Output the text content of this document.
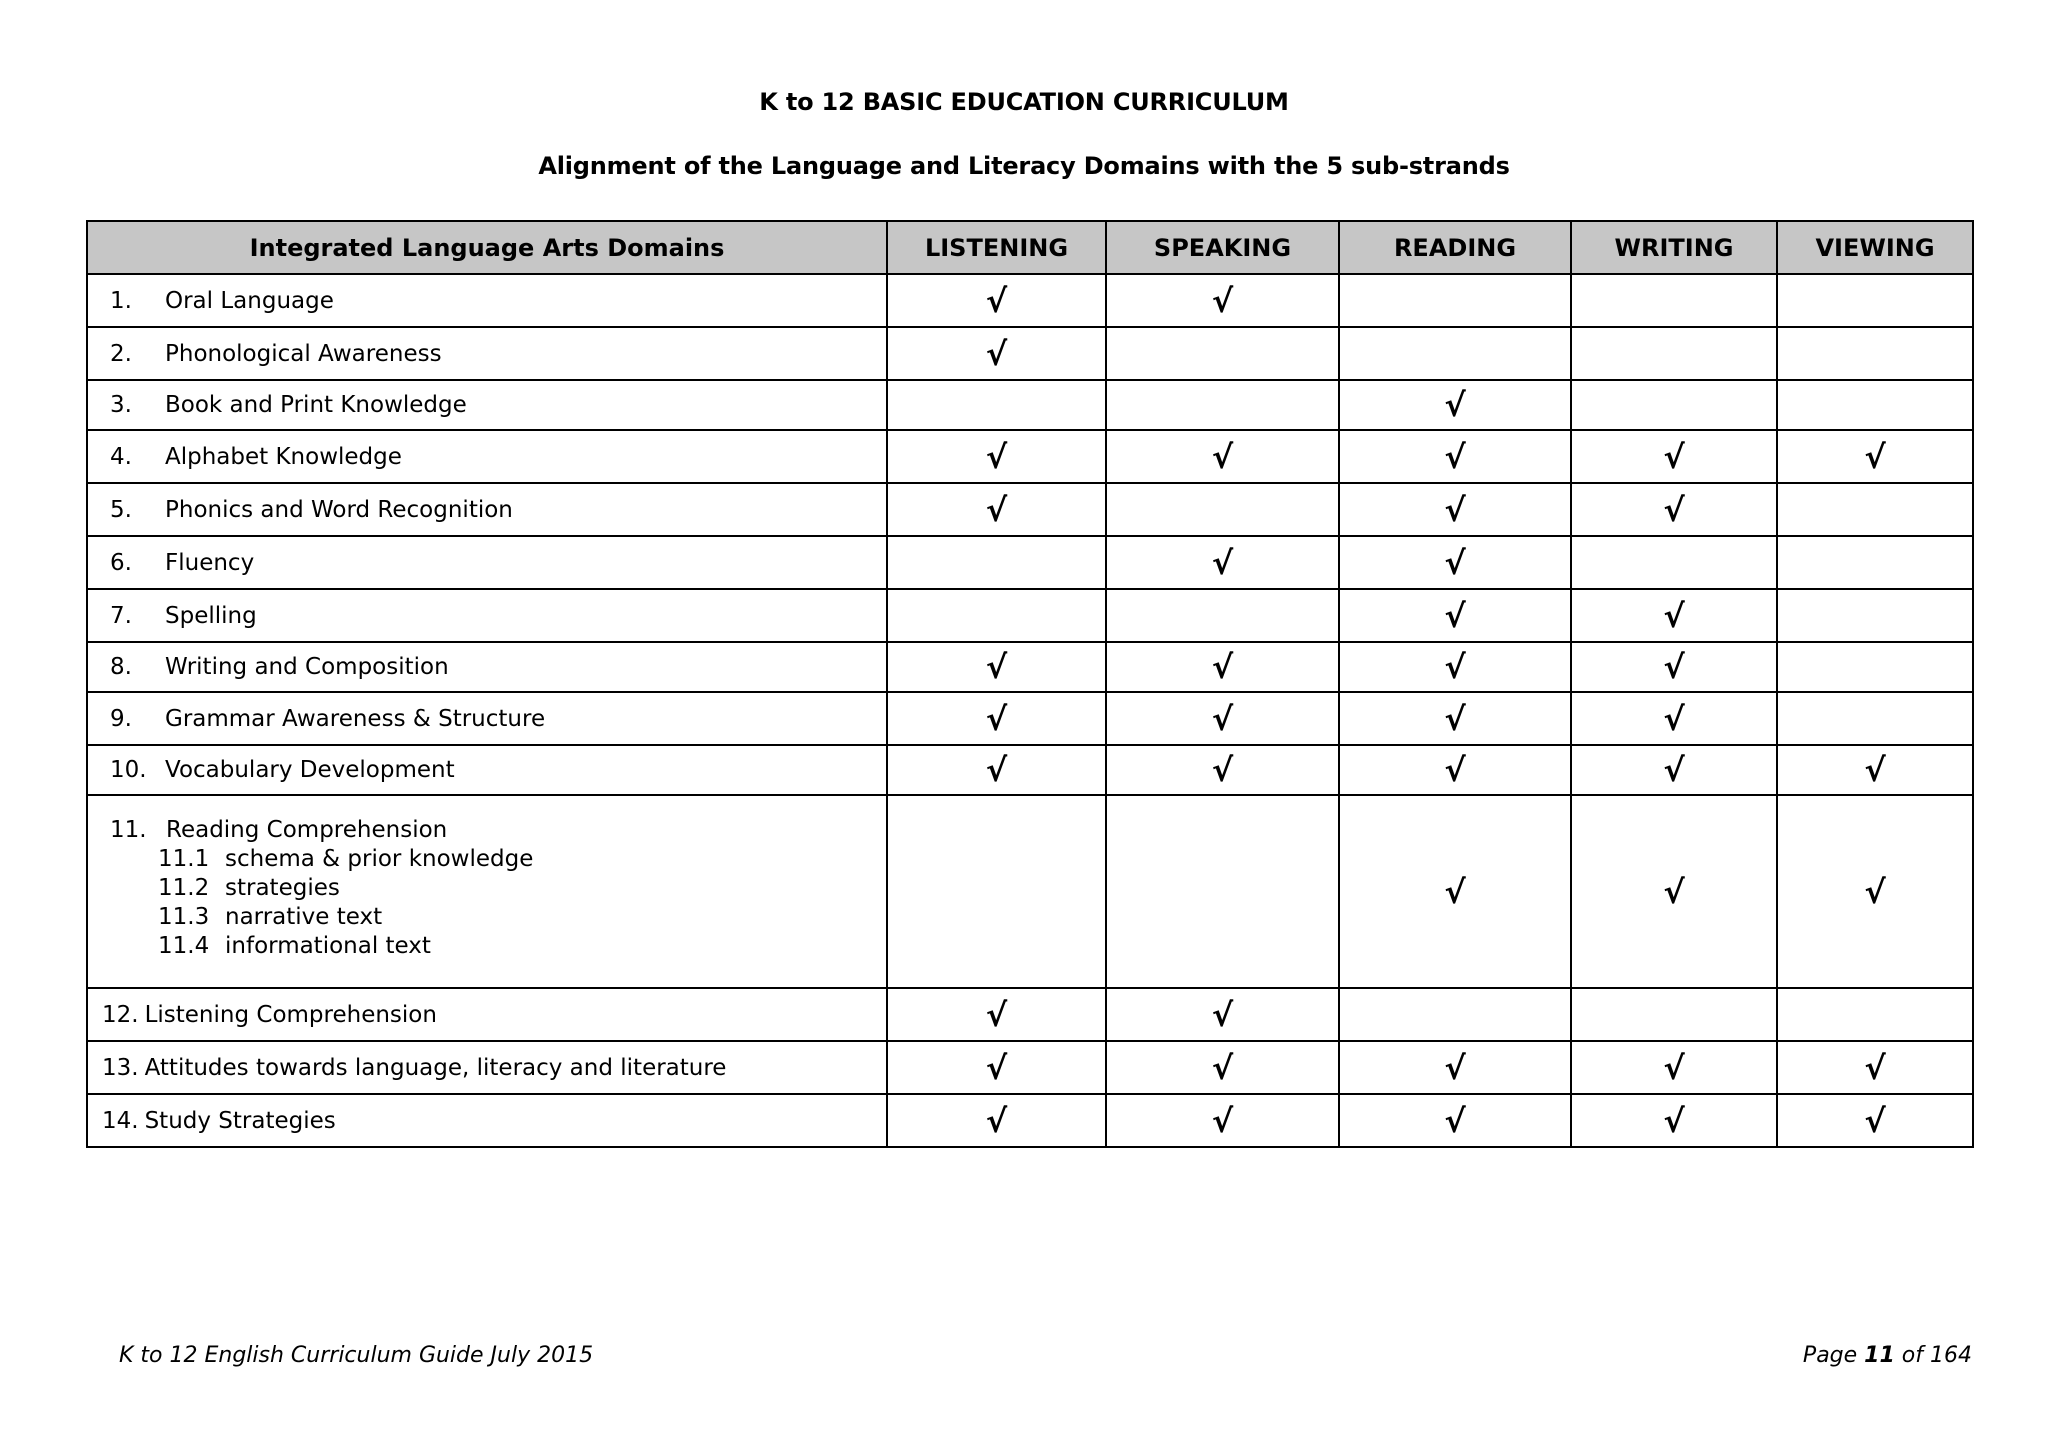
K to 12 BASIC EDUCATION CURRICULUM
Alignment of the Language and Literacy Domains with the 5 sub-strands
Integrated Language Arts Domains	LISTENING	SPEAKING	READING	WRITING	VIEWING
1. Oral Language	√	√			
2. Phonological Awareness	√				
3. Book and Print Knowledge			√		
4. Alphabet Knowledge	√	√	√	√	√
5. Phonics and Word Recognition	√		√	√	
6. Fluency		√	√		
7. Spelling			√	√	
8. Writing and Composition	√	√	√	√	
9. Grammar Awareness & Structure	√	√	√	√	
10. Vocabulary Development	√	√	√	√	√

11. Reading Comprehension
11.1 schema & prior knowledge
11.2 strategies
11.3 narrative text
11.4 informational text			√	√	√
12. Listening Comprehension	√	√			
13. Attitudes towards language, literacy and literature	√	√	√	√	√
14. Study Strategies	√	√	√	√	√
K to 12 English Curriculum Guide July 2015	Page 11 of 164
